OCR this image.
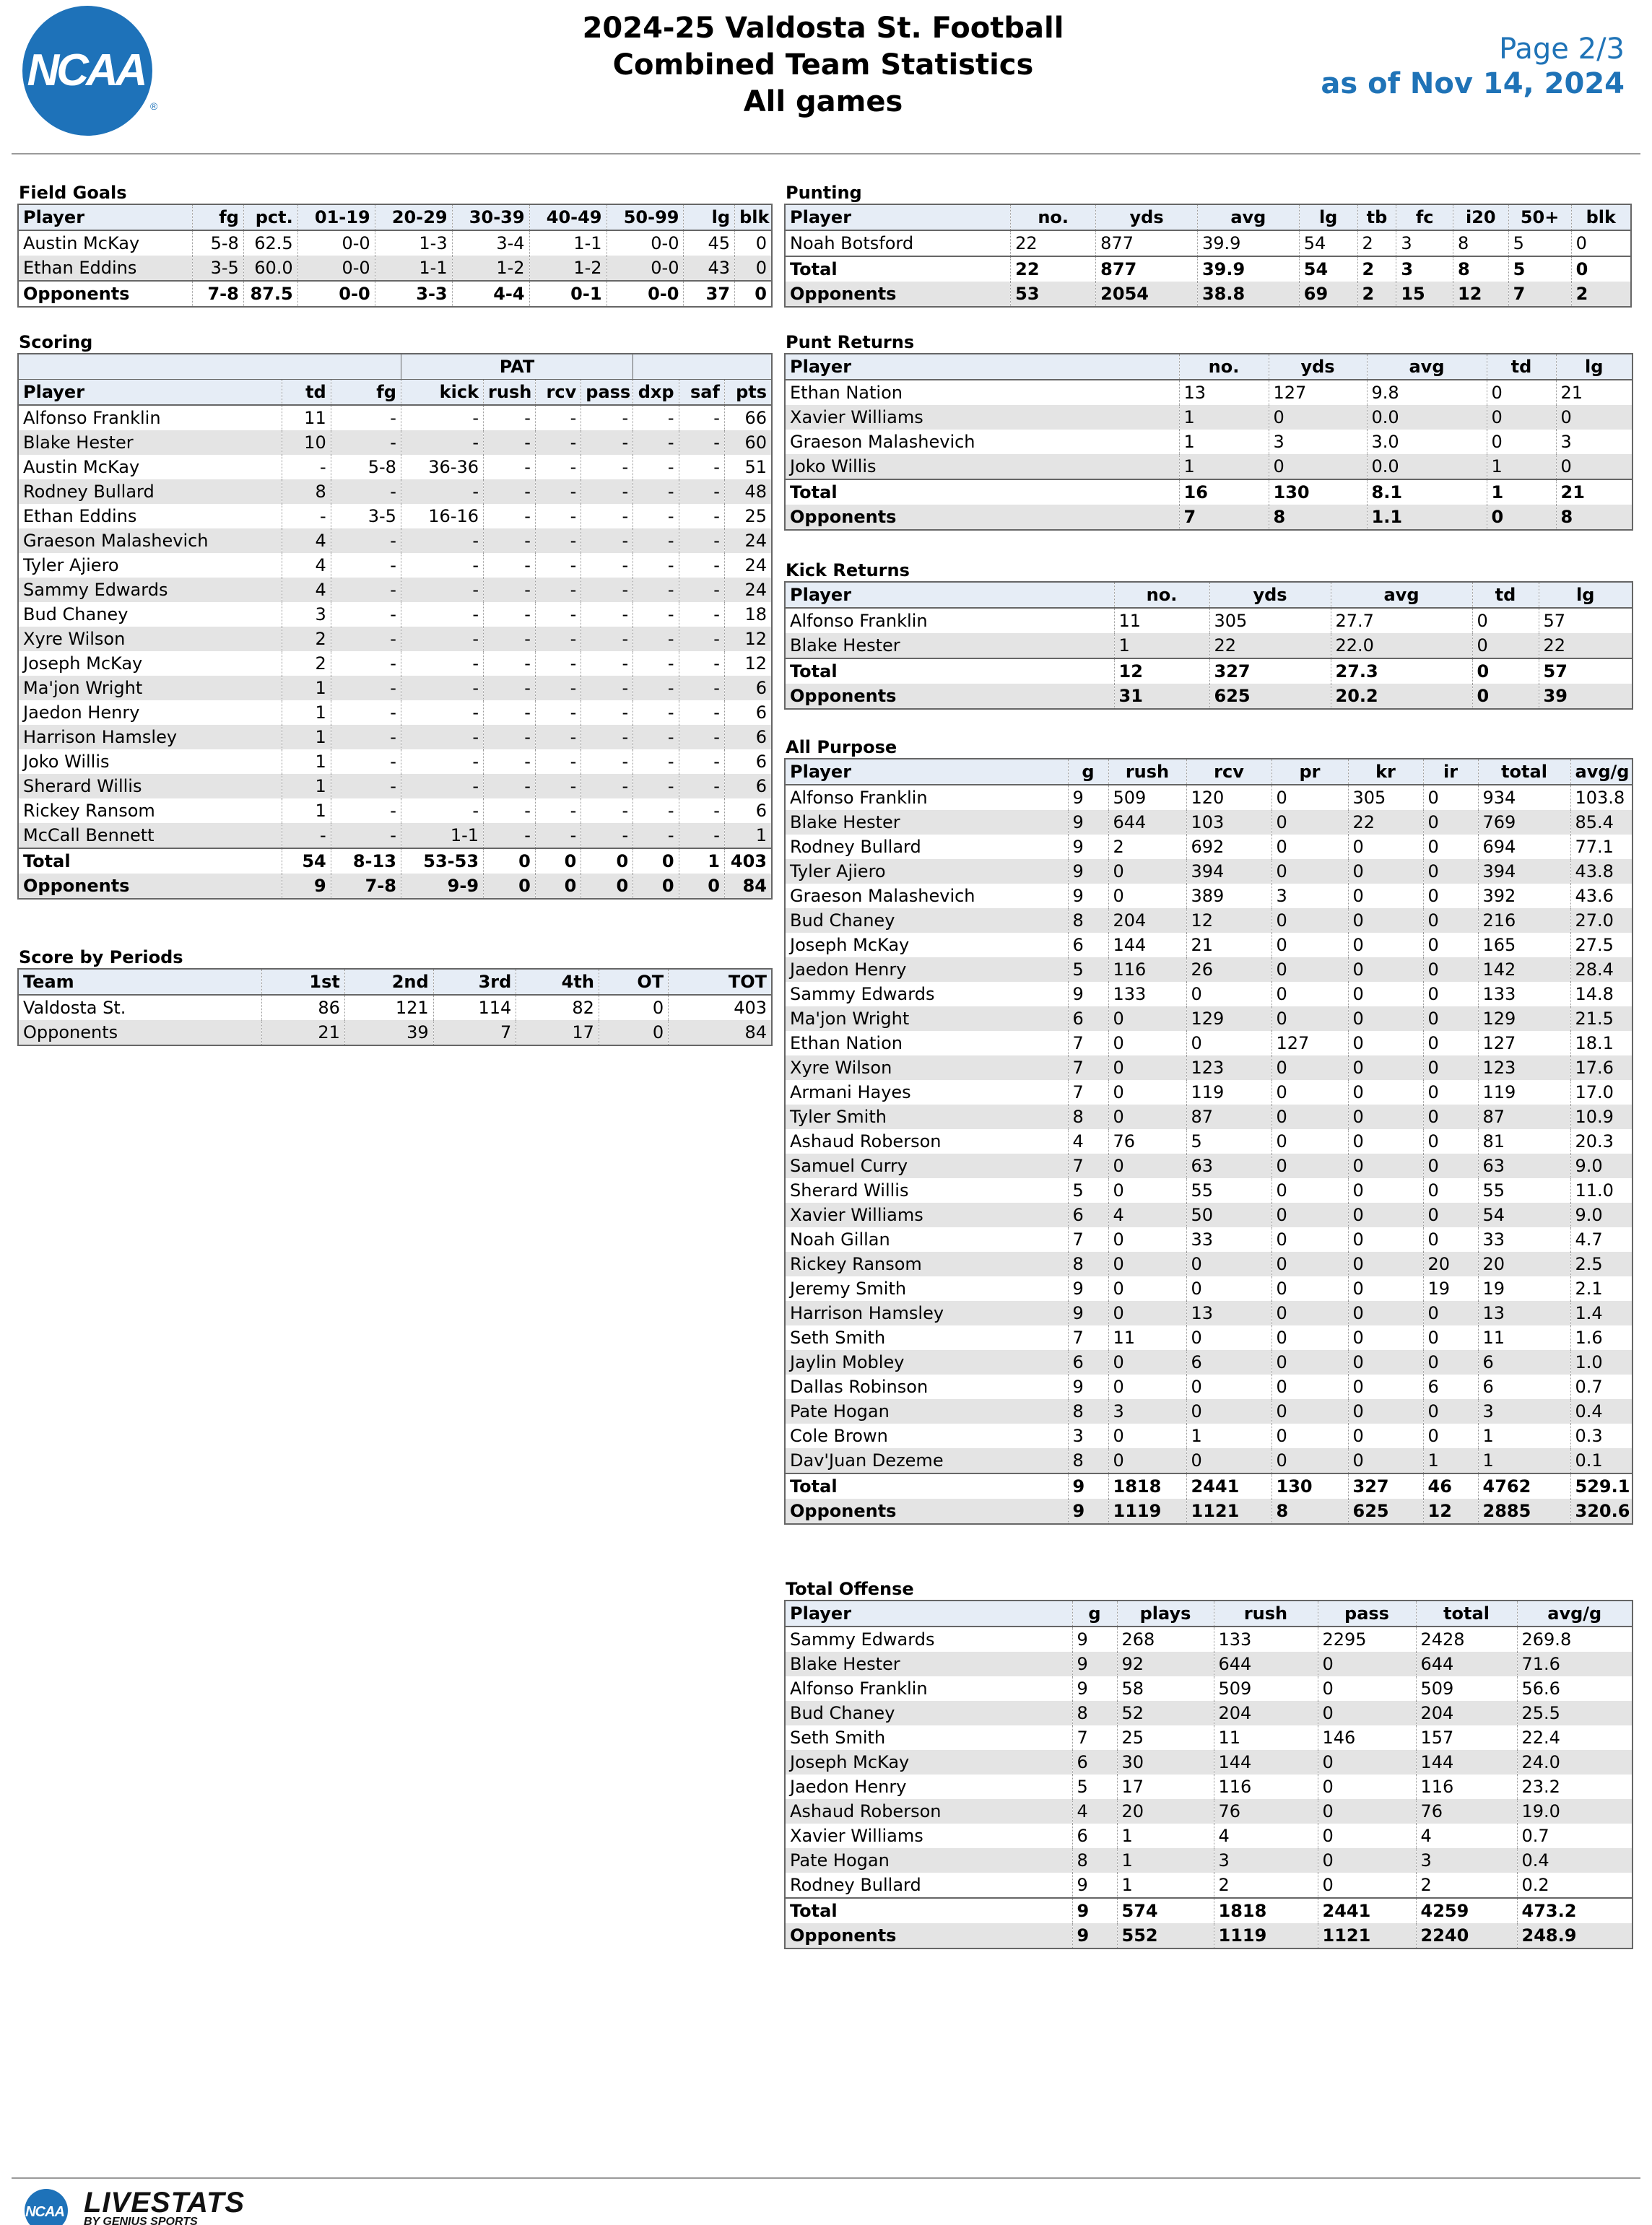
NCAA
®
2024-25 Valdosta St. Football
Combined Team Statistics
All games
Page 2/3
as of Nov 14, 2024
Field Goals
Player	fg	pct.	01-19	20-29	30-39	40-49	50-99	lg	blk
Austin McKay	5-8	62.5	0-0	1-3	3-4	1-1	0-0	45	0
Ethan Eddins	3-5	60.0	0-0	1-1	1-2	1-2	0-0	43	0
Opponents	7-8	87.5	0-0	3-3	4-4	0-1	0-0	37	0
Scoring
			PAT						
Player	td	fg	kick	rush	rcv	pass	dxp	saf	pts
Alfonso Franklin	11	-	-	-	-	-	-	-	66
Blake Hester	10	-	-	-	-	-	-	-	60
Austin McKay	-	5-8	36-36	-	-	-	-	-	51
Rodney Bullard	8	-	-	-	-	-	-	-	48
Ethan Eddins	-	3-5	16-16	-	-	-	-	-	25
Graeson Malashevich	4	-	-	-	-	-	-	-	24
Tyler Ajiero	4	-	-	-	-	-	-	-	24
Sammy Edwards	4	-	-	-	-	-	-	-	24
Bud Chaney	3	-	-	-	-	-	-	-	18
Xyre Wilson	2	-	-	-	-	-	-	-	12
Joseph McKay	2	-	-	-	-	-	-	-	12
Ma'jon Wright	1	-	-	-	-	-	-	-	6
Jaedon Henry	1	-	-	-	-	-	-	-	6
Harrison Hamsley	1	-	-	-	-	-	-	-	6
Joko Willis	1	-	-	-	-	-	-	-	6
Sherard Willis	1	-	-	-	-	-	-	-	6
Rickey Ransom	1	-	-	-	-	-	-	-	6
McCall Bennett	-	-	1-1	-	-	-	-	-	1
Total	54	8-13	53-53	0	0	0	0	1	403
Opponents	9	7-8	9-9	0	0	0	0	0	84
Score by Periods
Team	1st	2nd	3rd	4th	OT	TOT
Valdosta St.	86	121	114	82	0	403
Opponents	21	39	7	17	0	84
Punting
Player	no.	yds	avg	lg	tb	fc	i20	50+	blk
Noah Botsford	22	877	39.9	54	2	3	8	5	0
Total	22	877	39.9	54	2	3	8	5	0
Opponents	53	2054	38.8	69	2	15	12	7	2
Punt Returns
Player	no.	yds	avg	td	lg
Ethan Nation	13	127	9.8	0	21
Xavier Williams	1	0	0.0	0	0
Graeson Malashevich	1	3	3.0	0	3
Joko Willis	1	0	0.0	1	0
Total	16	130	8.1	1	21
Opponents	7	8	1.1	0	8
Kick Returns
Player	no.	yds	avg	td	lg
Alfonso Franklin	11	305	27.7	0	57
Blake Hester	1	22	22.0	0	22
Total	12	327	27.3	0	57
Opponents	31	625	20.2	0	39
All Purpose
Player	g	rush	rcv	pr	kr	ir	total	avg/g
Alfonso Franklin	9	509	120	0	305	0	934	103.8
Blake Hester	9	644	103	0	22	0	769	85.4
Rodney Bullard	9	2	692	0	0	0	694	77.1
Tyler Ajiero	9	0	394	0	0	0	394	43.8
Graeson Malashevich	9	0	389	3	0	0	392	43.6
Bud Chaney	8	204	12	0	0	0	216	27.0
Joseph McKay	6	144	21	0	0	0	165	27.5
Jaedon Henry	5	116	26	0	0	0	142	28.4
Sammy Edwards	9	133	0	0	0	0	133	14.8
Ma'jon Wright	6	0	129	0	0	0	129	21.5
Ethan Nation	7	0	0	127	0	0	127	18.1
Xyre Wilson	7	0	123	0	0	0	123	17.6
Armani Hayes	7	0	119	0	0	0	119	17.0
Tyler Smith	8	0	87	0	0	0	87	10.9
Ashaud Roberson	4	76	5	0	0	0	81	20.3
Samuel Curry	7	0	63	0	0	0	63	9.0
Sherard Willis	5	0	55	0	0	0	55	11.0
Xavier Williams	6	4	50	0	0	0	54	9.0
Noah Gillan	7	0	33	0	0	0	33	4.7
Rickey Ransom	8	0	0	0	0	20	20	2.5
Jeremy Smith	9	0	0	0	0	19	19	2.1
Harrison Hamsley	9	0	13	0	0	0	13	1.4
Seth Smith	7	11	0	0	0	0	11	1.6
Jaylin Mobley	6	0	6	0	0	0	6	1.0
Dallas Robinson	9	0	0	0	0	6	6	0.7
Pate Hogan	8	3	0	0	0	0	3	0.4
Cole Brown	3	0	1	0	0	0	1	0.3
Dav'Juan Dezeme	8	0	0	0	0	1	1	0.1
Total	9	1818	2441	130	327	46	4762	529.1
Opponents	9	1119	1121	8	625	12	2885	320.6
Total Offense
Player	g	plays	rush	pass	total	avg/g
Sammy Edwards	9	268	133	2295	2428	269.8
Blake Hester	9	92	644	0	644	71.6
Alfonso Franklin	9	58	509	0	509	56.6
Bud Chaney	8	52	204	0	204	25.5
Seth Smith	7	25	11	146	157	22.4
Joseph McKay	6	30	144	0	144	24.0
Jaedon Henry	5	17	116	0	116	23.2
Ashaud Roberson	4	20	76	0	76	19.0
Xavier Williams	6	1	4	0	4	0.7
Pate Hogan	8	1	3	0	3	0.4
Rodney Bullard	9	1	2	0	2	0.2
Total	9	574	1818	2441	4259	473.2
Opponents	9	552	1119	1121	2240	248.9
NCAA LIVESTATS
BY GENIUS SPORTS
